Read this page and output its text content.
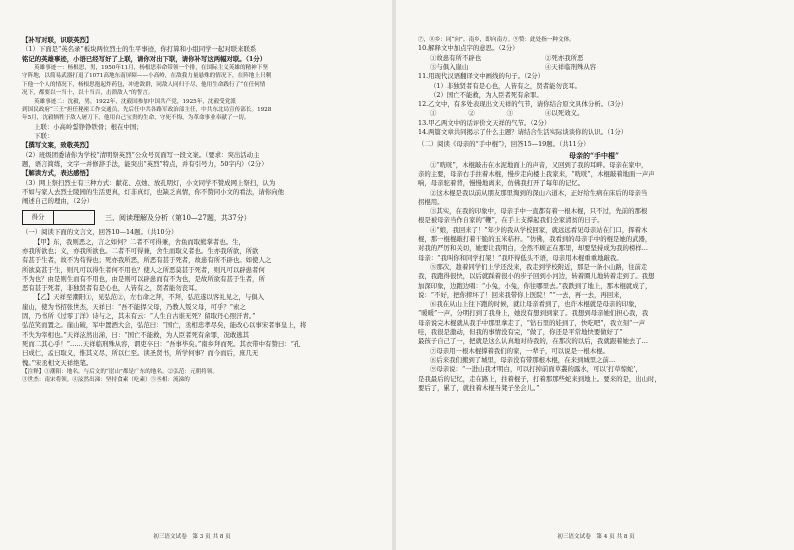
【补写对联，识联英烈】
（1）下面是“英名录”板块两位烈士的生平事迹，你打算和小组同学一起对联来联系
铭记的英雄事迹，小语已经写好了上联，请你对出下联，请你补写这两幅对联。（1分）
英雄事迹一：杨根思，男，1950年11月，杨根思奉命带领一个排，在国际主义英雄的精神下坚
守阵地，以简易武器打退了1071高地东南屏障——小高岭，在敌我力量悬殊的情况下，在阵地上只剩
下他一个人的情况下，杨根思抱起炸药包，冲进敌群，同敌人同归于尽，他用生命践行了“在任何情
况下，都要以一当十，以十当百，击溃敌人”的誓言。
英雄事迹二：沈毅，男，1922年，沈毅国参加中国共产党，1925年，沈毅受党派
到国民政府“三王”担任秘密工作交通员，先后任中共各路军政治部主任，中共东北局宣传部长。1928
年5月，沈毅牺牲于敌人屠刀下，他用自己宝贵的生命，守死不悔，为革命事业奉献了一切。
上联：小高岭誓铮铮铁骨；根在中国；
下联：
【撰写文案，致敬英烈】
（2）班级团委请你为学校“清明祭英烈”公众号页面写一段文案。（要求：突出活动主
题，语言简练，文字一并修辞手法，能突出“英烈”特点，并有引号力，50字内）（2分）
【解读方式，表达感悟】
（3）网上祭扫烈士有三种方式：献花、点烛、放孔明灯，小文同学不赞成网上祭扫，认为
不如与家人去烈士陵园的生活更真，灯非真灯，也缺乏真情，你不赞同小文的看法，请你向他
阐述自己的理由，（2分）
得分	三、阅读理解及分析（第10—27题，共37分）
（一）阅读下面的文言文，回答10—14题。（共10分）
【甲】东，我则恶之，言之如何？二者不可得兼，舍鱼而取熊掌者也。生，
亦我所欲也；义，亦我所欲也。二者不可得兼，舍生而取义者也。生亦我所欲，所欲
有甚于生者，故不为苟得也；死亦我所恶，所恶有甚于死者，故患有所不辟也。如使人之
所欲莫甚于生，则凡可以得生者何不用也？使人之所恶莫甚于死者，则凡可以辟患者何
不为也？由是则生而有不用也，由是则可以辟患而有不为也，是故所欲有甚于生者，所
恶有甚于死者，非独贤者有是心也，人皆有之，贤者能勿丧耳。
【乙】天祥至潮阳①，见弘范②，左右命之拜，不拜，弘范遂以客礼见之，与俱入
崖山，使为书招张世杰，天祥曰：“吾不能捍父母，乃教人叛父母，可乎？”索之
固，乃书所《过零丁洋》诗与之，其末有云：“人生自古谁无死？留取丹心照汗青。”
弘范笑而置之。崖山破，军中置酒大会，弘范曰：“国亡，丞相忠孝尽矣，能改心以事宋者事皇上，将
不失为宰相也。”天祥泫然出涕，曰：“国亡不能救，为人臣者死有余罪，况敢逃其
死而二其心乎！”……天祥临刑殊从容，谓吏卒曰：“吾事毕矣。”南乡拜而死。其衣带中有赞曰：“孔
曰成仁，孟曰取义，惟其义尽，所以仁至。读圣贤书，所学何事？而今而后，庶几无
愧。”宋丞相文天祥绝笔。
【注释】①潮阳：地名，与后文的“崖山”都是广东的地名。②弘范：元朝将领。
③世杰：南宋将领。④泫然出涕：坚持食素（吃素）⑤丞相：流涕的
初三语文试卷　第 3 页 共 8 页
⑦，⑧乡：同“向”。南乡，即向南方。⑨赞：此处指一种文体。
10.解释文中加点字的意思。（2分）
①故患有所不辟也　　　　　　　　　　②死亦我所恶
③与俱入崖山　　　　　　　　　　　　④天祥临刑殊从容
11.用现代汉语翻译文中画线的句子。（2分）
（1）非独贤者有是心也，人皆有之，贤者能勿丧耳。
（2）国亡不能救，为人臣者死有余罪。
12.乙文中，有多处表现出文天祥的气节，请你结合原文具体分析。（3分）
①　　　　　②　　　　　③　　　　　④以死效义。
13.甲乙两文中的话评价文天祥的气节。（2分）
14.两篇文章共同揭示了什么主题？请结合生活实际谈谈你的认识。（1分）
（二）阅读《母亲的“手中棍”》，回答15—19题。（共11分）
母亲的“手中棍”
①“咣咣”，木棍敲击在水泥地面上的声音，又回到了我的耳畔。母亲在家中，
亲的主要，母亲右手拄着木棍，慢步走向楼上我家来，“咣咣”，木棍敲着地面一声声
响，母亲驼着背，慢慢地离来，仿佛我打开了每年的记忆。
②这木棍是我以前从朋友那里淘到的深山六道木，正好给生病在床后的母亲当
拐棍用。
③其实，在我的印象中，母亲手中一直都有着一根木棍，只不过，先前的那根
根是被母亲当作自家的“鞭”，在手上支撑起我们全家清贫的日子。
④“娘，我回来了！”年少的我从学校回家，就远远看见母亲站在门口，挥着木
棍，那一棍棍敲打着干脆的玉米秸秆。“仿佛，我看到的母亲手中的棍是她的武器，
对我的严厉和关切，她要让我明白，全然不顾正在那里，却要坚持成为我的榜样…
母亲：“我叫你和同学打架！”我吓得低头不语，母亲用木棍重重地敲我。
⑤那次，趁着同学们上学还没来，我走到学校附近，那是一条小山路，往前走
我，我跑得很快，以后就踩着很小的步子回到小河边，转着圈儿地转着走到了。我想
加深印象，边跑边唱：“小兔，小兔，你往哪里去。”我跌到了地上，那木棍就成了，
说：“不好，把你摔坏了！回来我带你上医院！”“一去，再一去，再回来，
⑥我在从山上往下跑的时候，就让母亲看到了，也许木棍就是母亲的印象，
“暖暖”一声，分明打到了我身上，她没有想到到家了。我想到母亲她们担心我，我
母亲说完木棍就从我手中那里拿走了，“钻石里的娃到了，快吃吧”，我立刻“一声
哇，我很是激动，但我的事情没有完，“做了，你还是平常地快要做好了”
最孩子自己了一，把就是这么认真地对待我的，在那次的以后，我就跟着她去了…
⑦母亲用一根木棍撑着我们的家，一辈子，可以说是一根木棍。
⑧后来我们搬到了城里，母亲没有带那根木棍，在来到城里之前…
⑨母亲说：“一进山我才明白，可以打掉前面草叢的露水，可以‘打草惊蛇’，
是我最后的记忆，走在路上，拄着棍子，打着那那些蛇来到地上。要来的是，出山时，
要后了，累了，就拄着木棍当凳子坐会儿。”
初三语文试卷　第 4 页 共 8 页
